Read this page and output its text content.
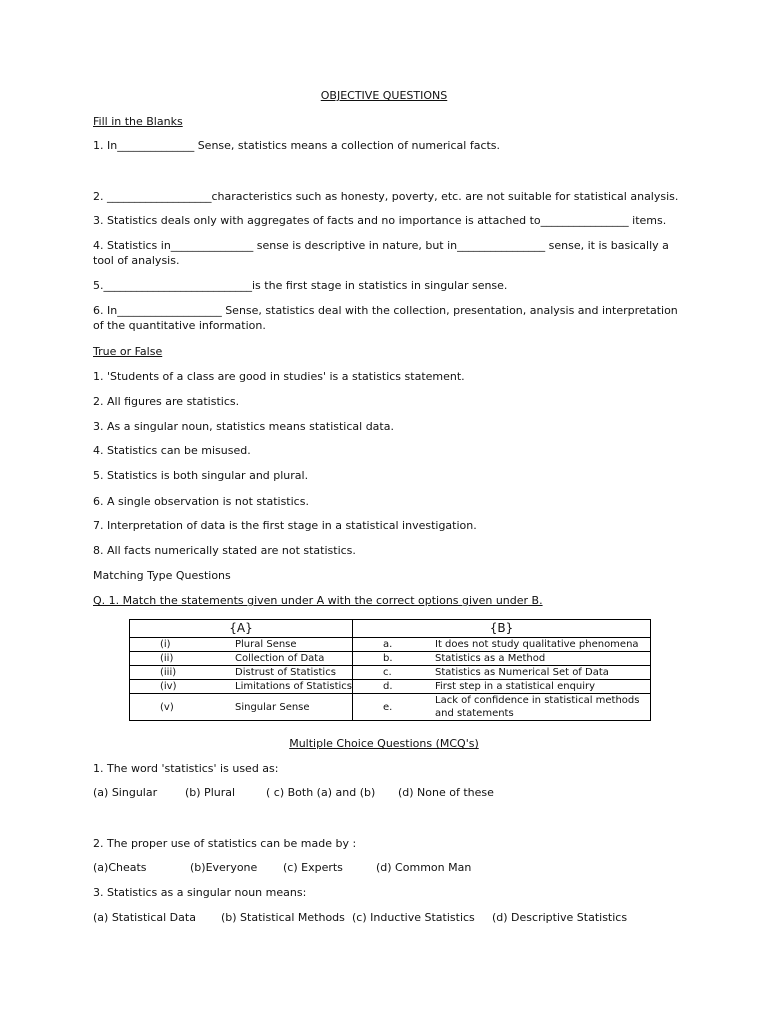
OBJECTIVE QUESTIONS
Fill in the Blanks
1. In______________ Sense, statistics means a collection of numerical facts.
2. ___________________characteristics such as honesty, poverty, etc. are not suitable for statistical analysis.
3. Statistics deals only with aggregates of facts and no importance is attached to________________ items.
4. Statistics in_______________ sense is descriptive in nature, but in________________ sense, it is basically a tool of analysis.
5.___________________________is the first stage in statistics in singular sense.
6. In___________________ Sense, statistics deal with the collection, presentation, analysis and interpretation of the quantitative information.
True or False
1. 'Students of a class are good in studies' is a statistics statement.
2. All figures are statistics.
3. As a singular noun, statistics means statistical data.
4. Statistics can be misused.
5. Statistics is both singular and plural.
6. A single observation is not statistics.
7. Interpretation of data is the first stage in a statistical investigation.
8. All facts numerically stated are not statistics.
Matching Type Questions
Q. 1. Match the statements given under A with the correct options given under B.
{A}		{B}	
(i)	Plural Sense	a.	It does not study qualitative phenomena
(ii)	Collection of Data	b.	Statistics as a Method
(iii)	Distrust of Statistics	c.	Statistics as Numerical Set of Data
(iv)	Limitations of Statistics	d.	First step in a statistical enquiry
(v)	Singular Sense	e.	Lack of confidence in statistical methods and statements
Multiple Choice Questions (MCQ's)
1. The word 'statistics' is used as:
(a) Singular	(b) Plural	( c) Both (a) and (b) (d) None of these
2. The proper use of statistics can be made by :
(a)Cheats	(b)Everyone (c) Experts	(d) Common Man
3. Statistics as a singular noun means:
(a) Statistical Data (b) Statistical Methods (c) Inductive Statistics (d) Descriptive Statistics
